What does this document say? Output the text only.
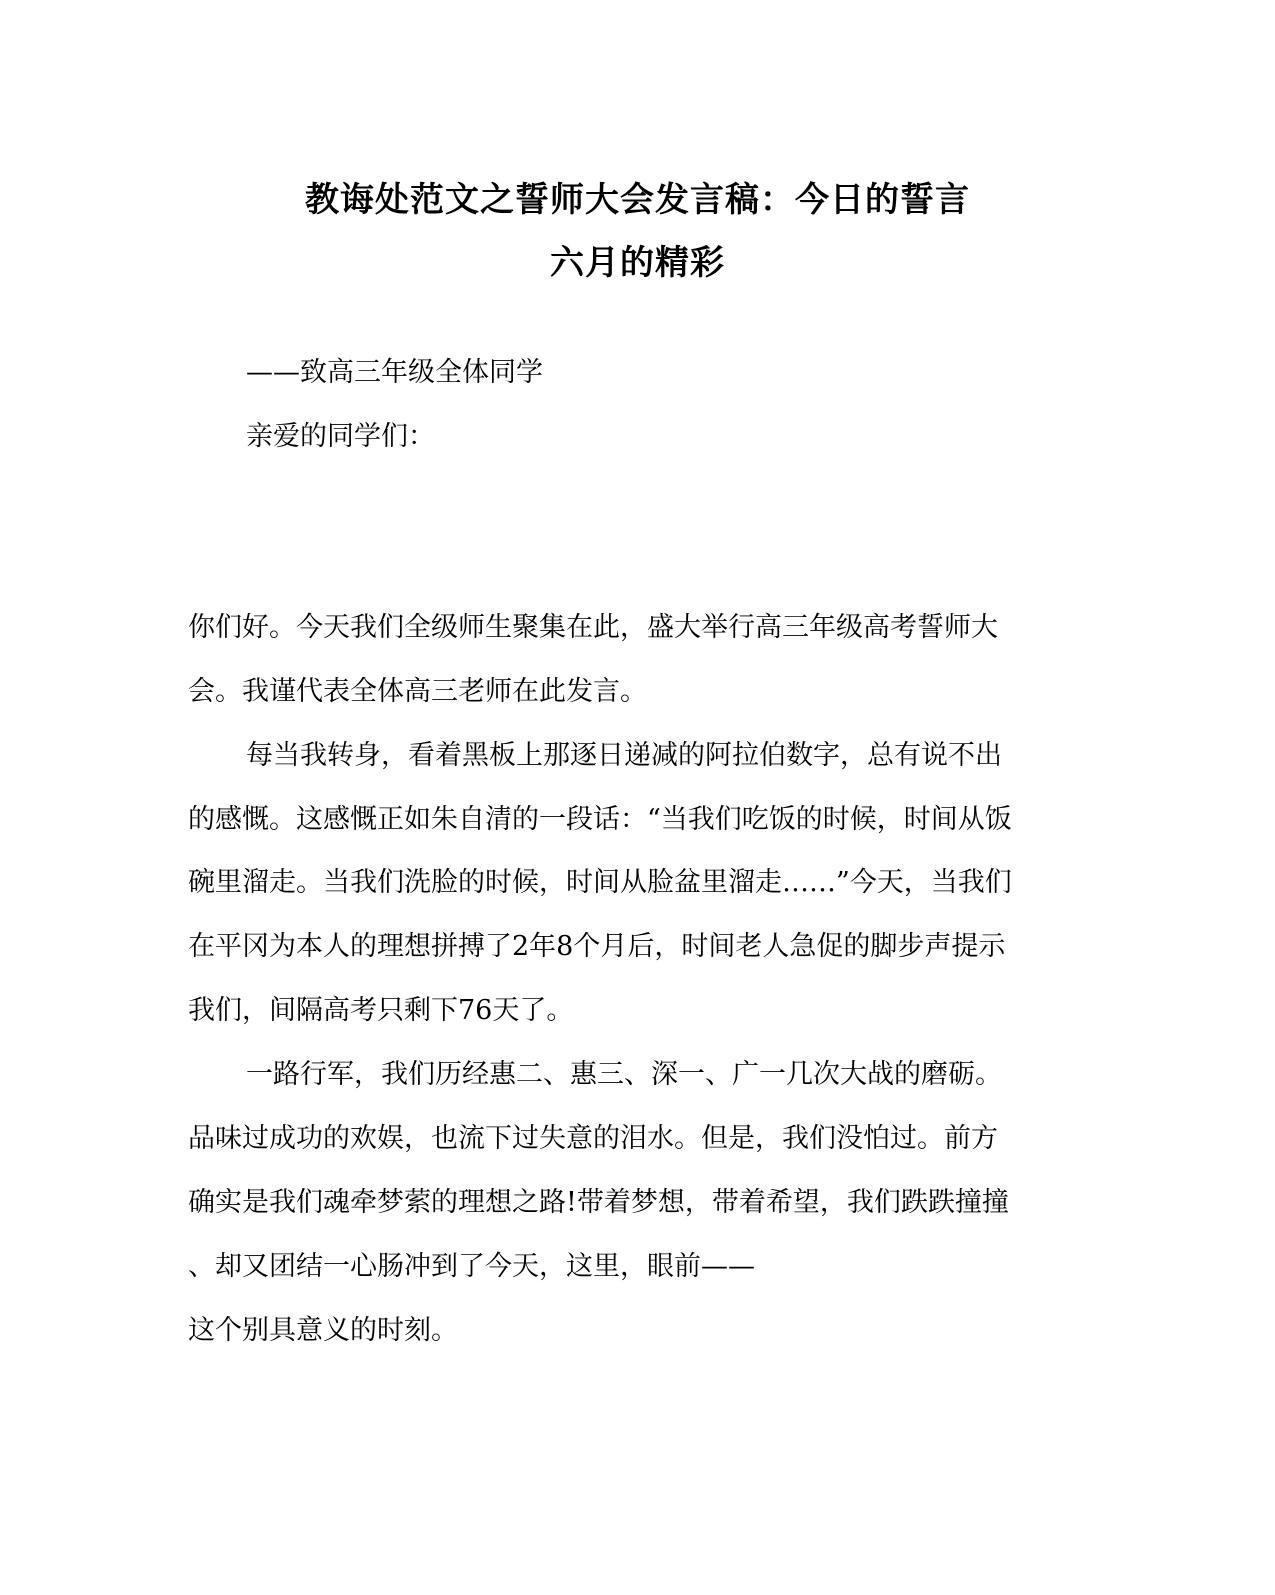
教诲处范文之誓师大会发言稿：今日的誓言
六月的精彩
——致高三年级全体同学
亲爱的同学们：
你们好。今天我们全级师生聚集在此，盛大举行高三年级高考誓师大
会。我谨代表全体高三老师在此发言。
每当我转身，看着黑板上那逐日递减的阿拉伯数字，总有说不出
的感慨。这感慨正如朱自清的一段话：“当我们吃饭的时候，时间从饭
碗里溜走。当我们洗脸的时候，时间从脸盆里溜走……”今天，当我们
在平冈为本人的理想拼搏了2年8个月后，时间老人急促的脚步声提示
我们，间隔高考只剩下76天了。
一路行军，我们历经惠二、惠三、深一、广一几次大战的磨砺。
品味过成功的欢娱，也流下过失意的泪水。但是，我们没怕过。前方
确实是我们魂牵梦萦的理想之路!带着梦想，带着希望，我们跌跌撞撞
、却又团结一心肠冲到了今天，这里，眼前——
这个别具意义的时刻。
